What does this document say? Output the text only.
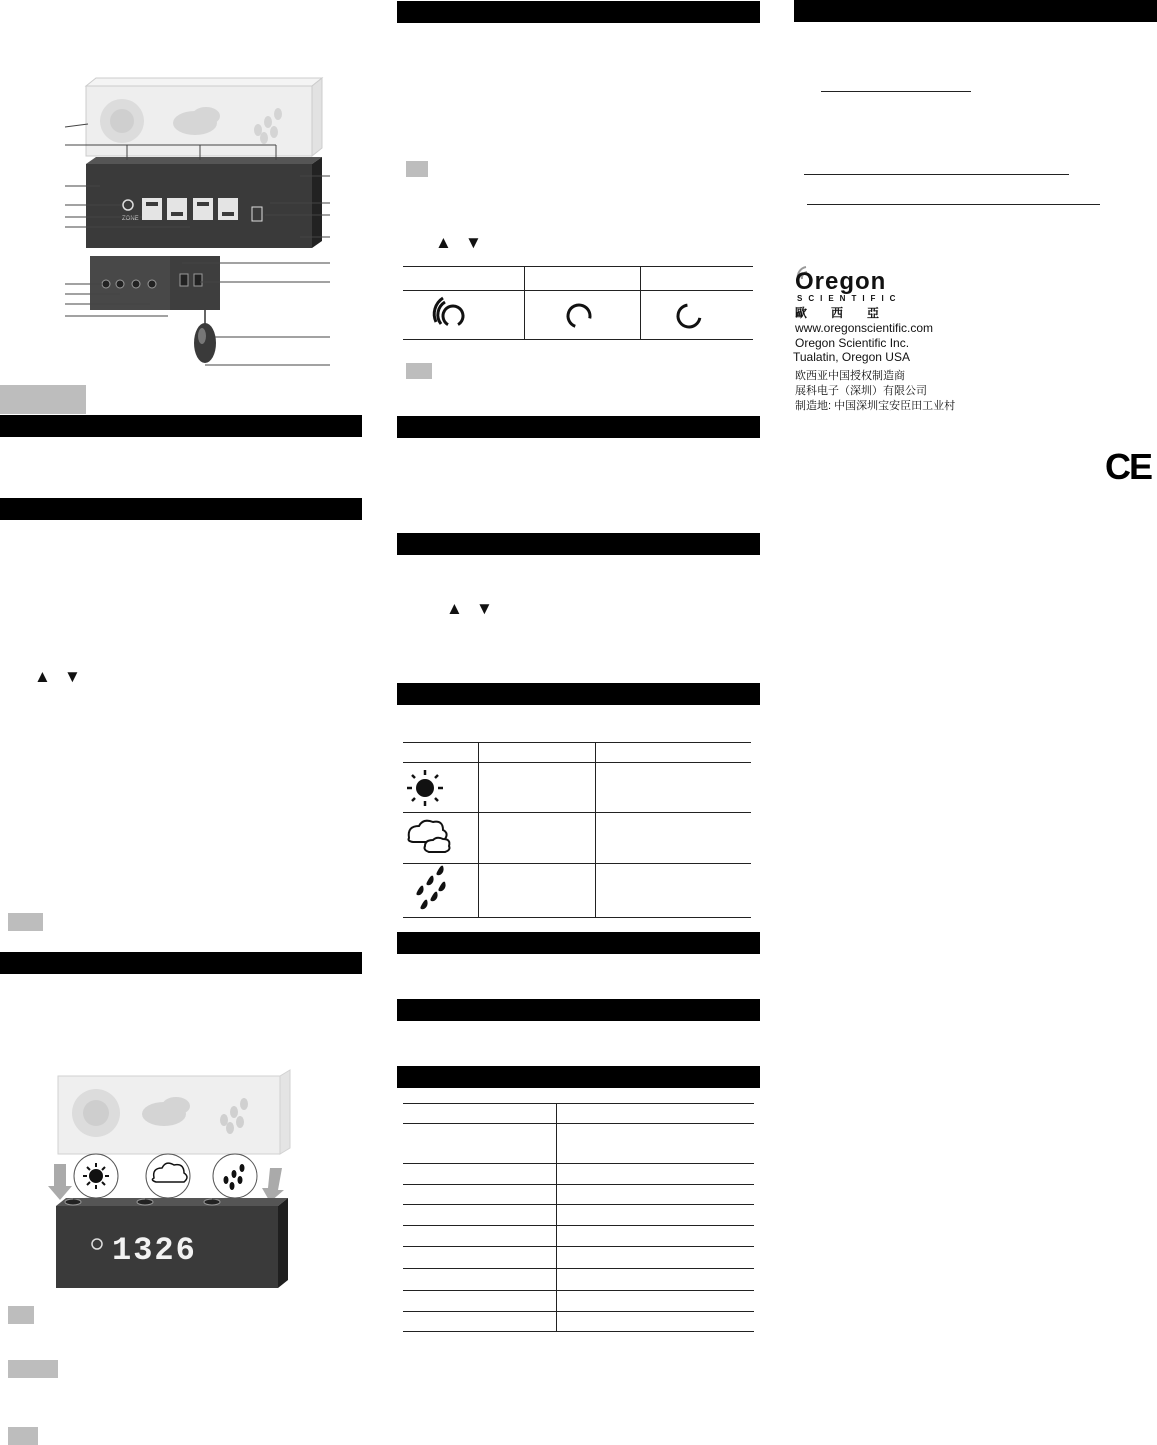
ZONE
▲ ▼
1326
▲ ▼
▲ ▼
Oregon
SCIENTIFIC
歐　　西　　亞
www.oregonscientific.com
Oregon Scientific Inc.
Tualatin, Oregon USA
欧西亚中国授权制造商
展科电子（深圳）有限公司
制造地: 中国深圳宝安臣田工业村
CE
